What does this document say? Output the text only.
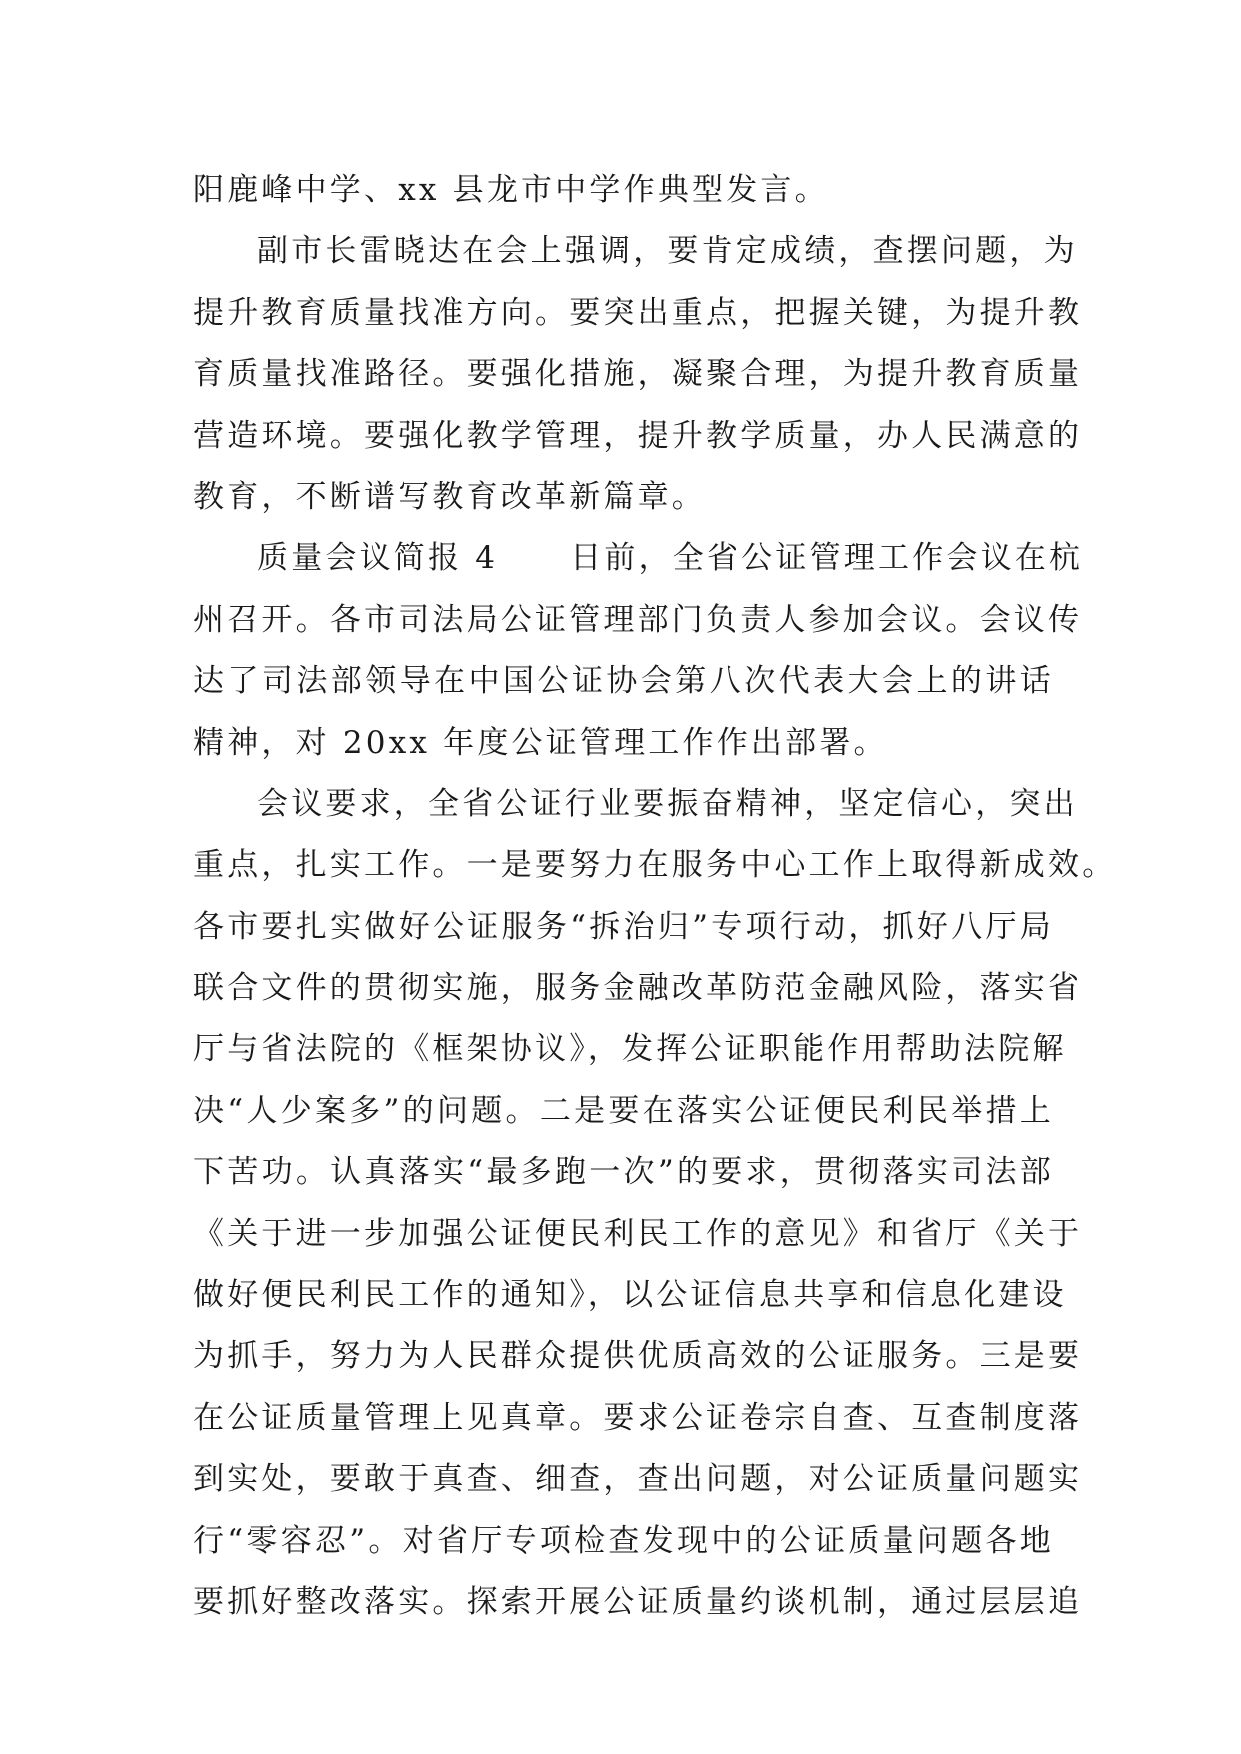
阳鹿峰中学、xx 县龙市中学作典型发言。
副市长雷晓达在会上强调，要肯定成绩，查摆问题，为
提升教育质量找准方向。要突出重点，把握关键，为提升教
育质量找准路径。要强化措施，凝聚合理，为提升教育质量
营造环境。要强化教学管理，提升教学质量，办人民满意的
教育，不断谱写教育改革新篇章。
质量会议简报 4 日前，全省公证管理工作会议在杭
州召开。各市司法局公证管理部门负责人参加会议。会议传
达了司法部领导在中国公证协会第八次代表大会上的讲话
精神，对 20xx 年度公证管理工作作出部署。
会议要求，全省公证行业要振奋精神，坚定信心，突出
重点，扎实工作。一是要努力在服务中心工作上取得新成效。
各市要扎实做好公证服务“拆治归”专项行动，抓好八厅局
联合文件的贯彻实施，服务金融改革防范金融风险，落实省
厅与省法院的《框架协议》，发挥公证职能作用帮助法院解
决“人少案多”的问题。二是要在落实公证便民利民举措上
下苦功。认真落实“最多跑一次”的要求，贯彻落实司法部
《关于进一步加强公证便民利民工作的意见》和省厅《关于
做好便民利民工作的通知》，以公证信息共享和信息化建设
为抓手，努力为人民群众提供优质高效的公证服务。三是要
在公证质量管理上见真章。要求公证卷宗自查、互查制度落
到实处，要敢于真查、细查，查出问题，对公证质量问题实
行“零容忍”。对省厅专项检查发现中的公证质量问题各地
要抓好整改落实。探索开展公证质量约谈机制，通过层层追
